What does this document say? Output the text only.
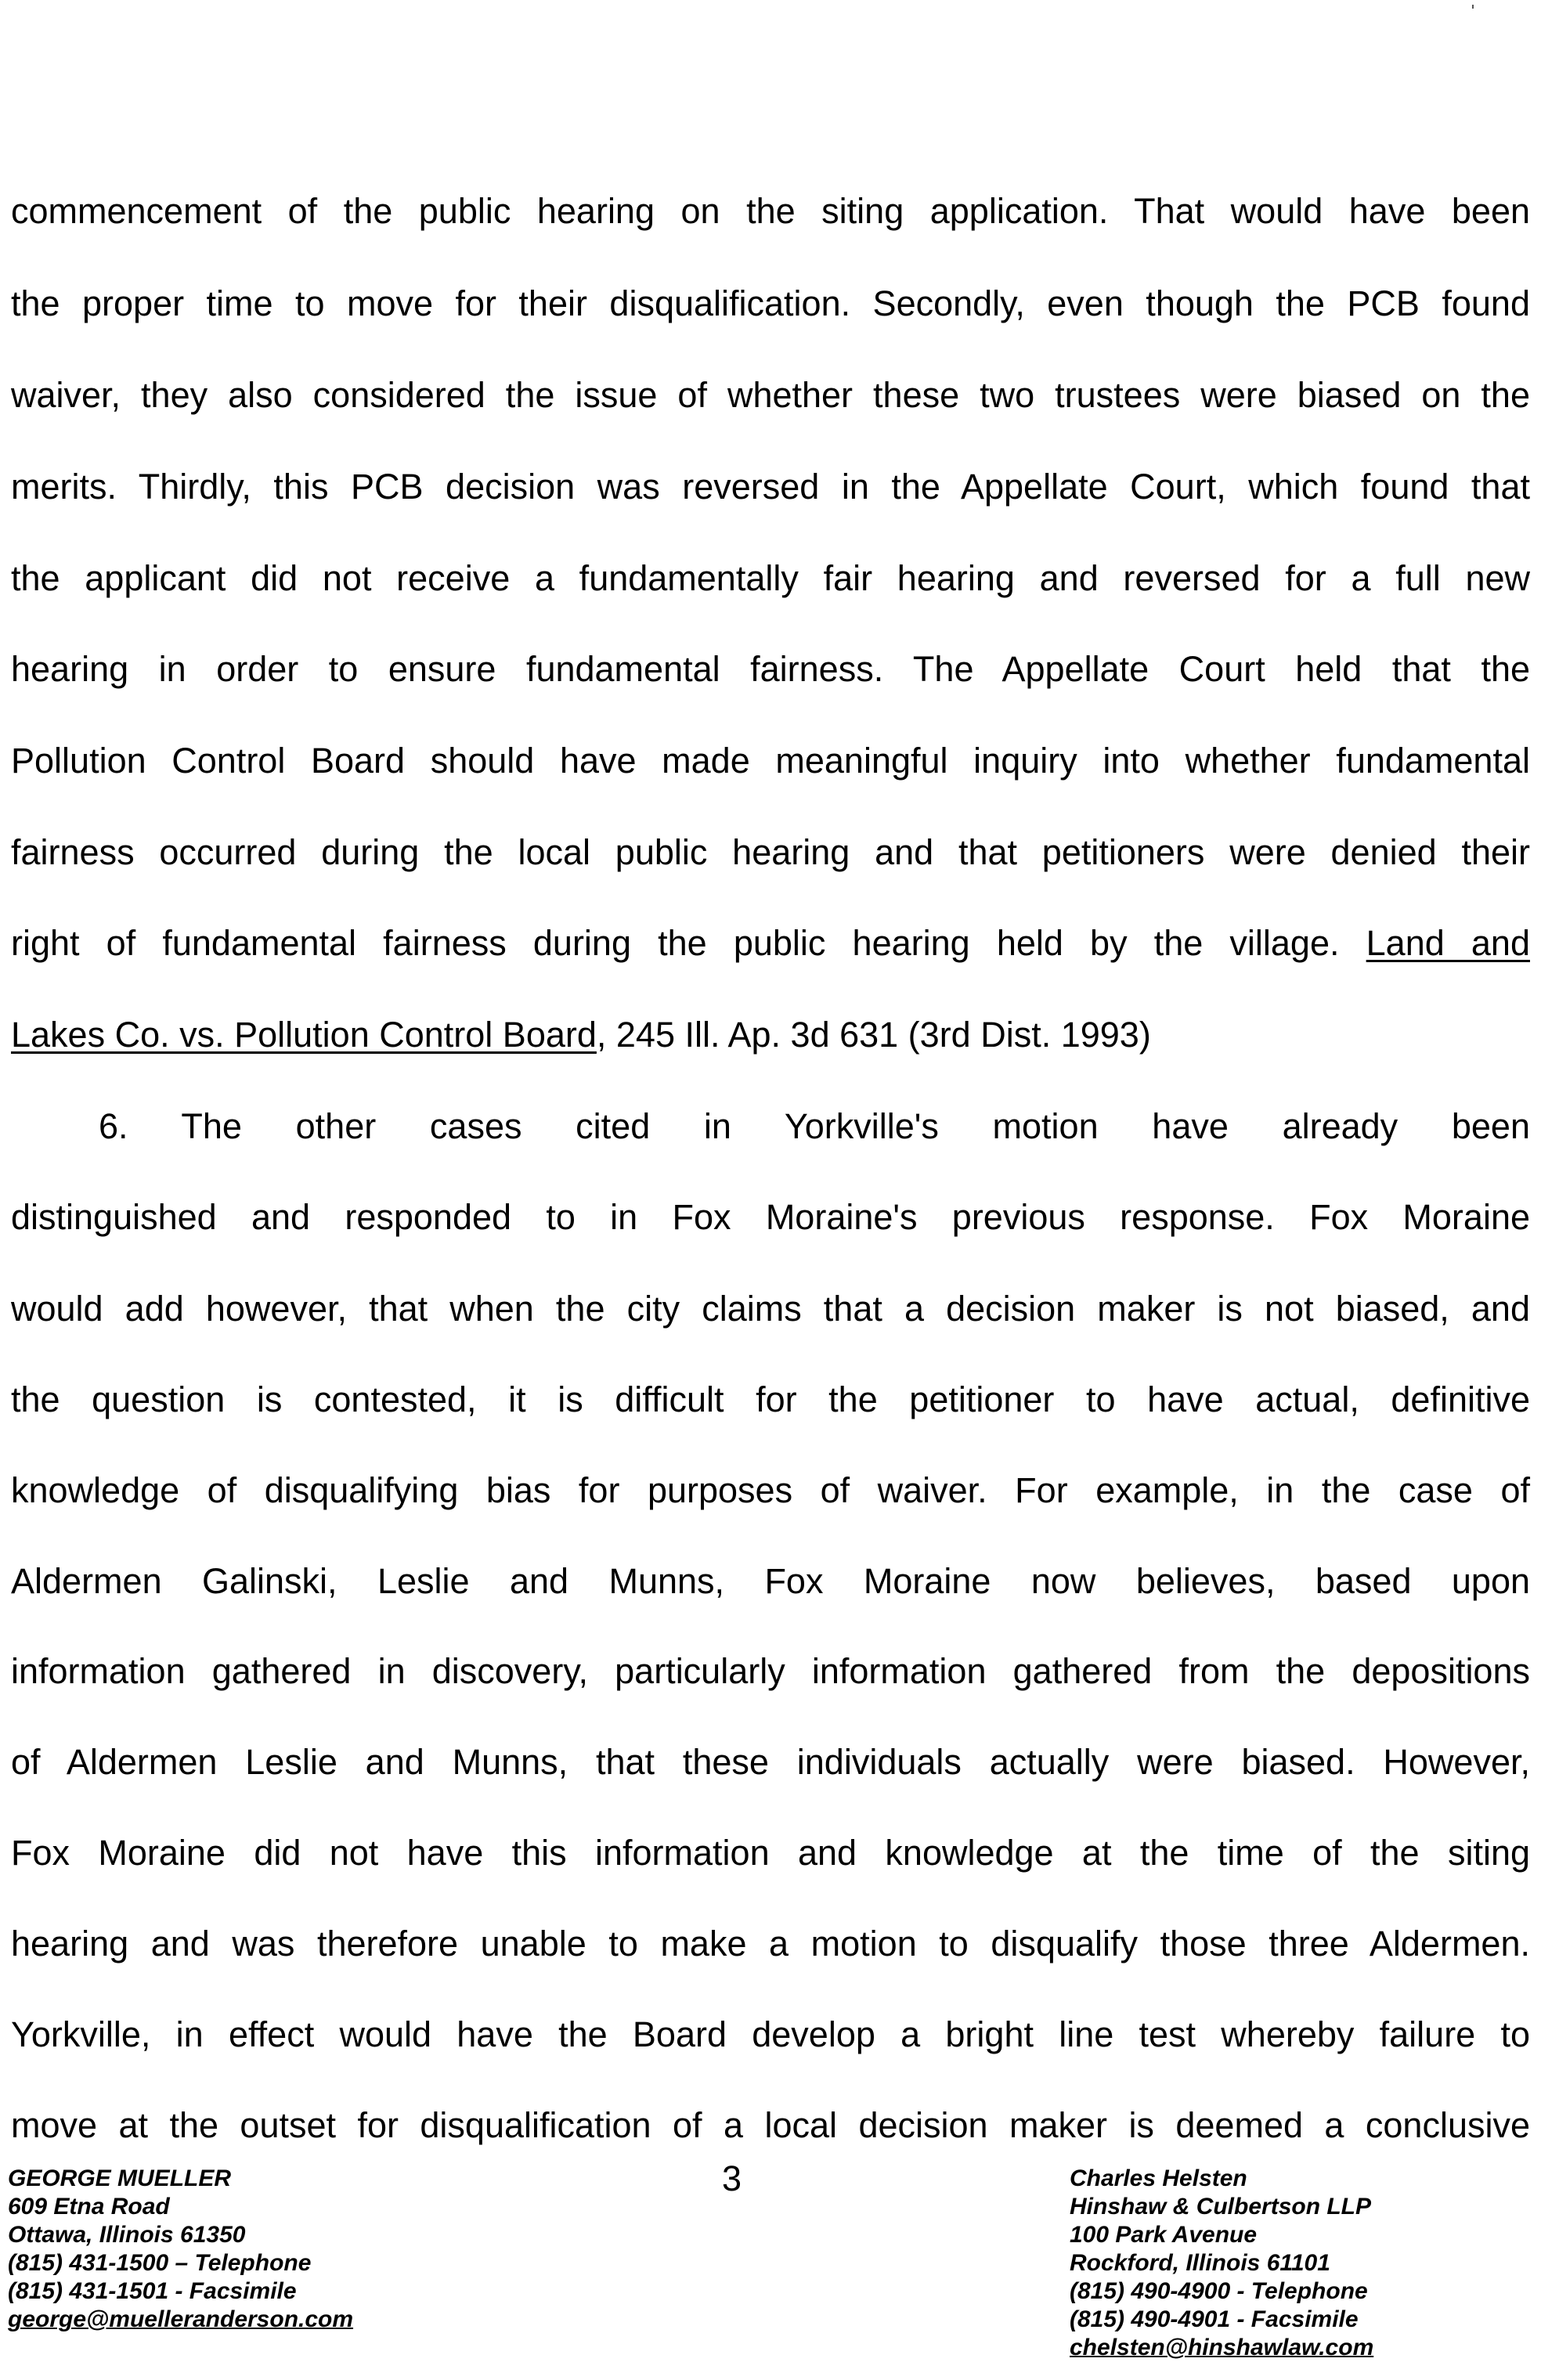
commencement of the public hearing on the siting application. That would have been
the proper time to move for their disqualification. Secondly, even though the PCB found
waiver, they also considered the issue of whether these two trustees were biased on the
merits. Thirdly, this PCB decision was reversed in the Appellate Court, which found that
the applicant did not receive a fundamentally fair hearing and reversed for a full new
hearing in order to ensure fundamental fairness. The Appellate Court held that the
Pollution Control Board should have made meaningful inquiry into whether fundamental
fairness occurred during the local public hearing and that petitioners were denied their
right of fundamental fairness during the public hearing held by the village. Land and
Lakes Co. vs. Pollution Control Board, 245 Ill. Ap. 3d 631 (3rd Dist. 1993)
6. The other cases cited in Yorkville's motion have already been
distinguished and responded to in Fox Moraine's previous response. Fox Moraine
would add however, that when the city claims that a decision maker is not biased, and
the question is contested, it is difficult for the petitioner to have actual, definitive
knowledge of disqualifying bias for purposes of waiver. For example, in the case of
Aldermen Galinski, Leslie and Munns, Fox Moraine now believes, based upon
information gathered in discovery, particularly information gathered from the depositions
of Aldermen Leslie and Munns, that these individuals actually were biased. However,
Fox Moraine did not have this information and knowledge at the time of the siting
hearing and was therefore unable to make a motion to disqualify those three Aldermen.
Yorkville, in effect would have the Board develop a bright line test whereby failure to
move at the outset for disqualification of a local decision maker is deemed a conclusive
GEORGE MUELLER
609 Etna Road
Ottawa, Illinois 61350
(815) 431-1500 – Telephone
(815) 431-1501 - Facsimile
george@muelleranderson.com
3	Charles Helsten
Hinshaw & Culbertson LLP
100 Park Avenue
Rockford, Illinois 61101
(815) 490-4900 - Telephone
(815) 490-4901 - Facsimile
chelsten@hinshawlaw.com
